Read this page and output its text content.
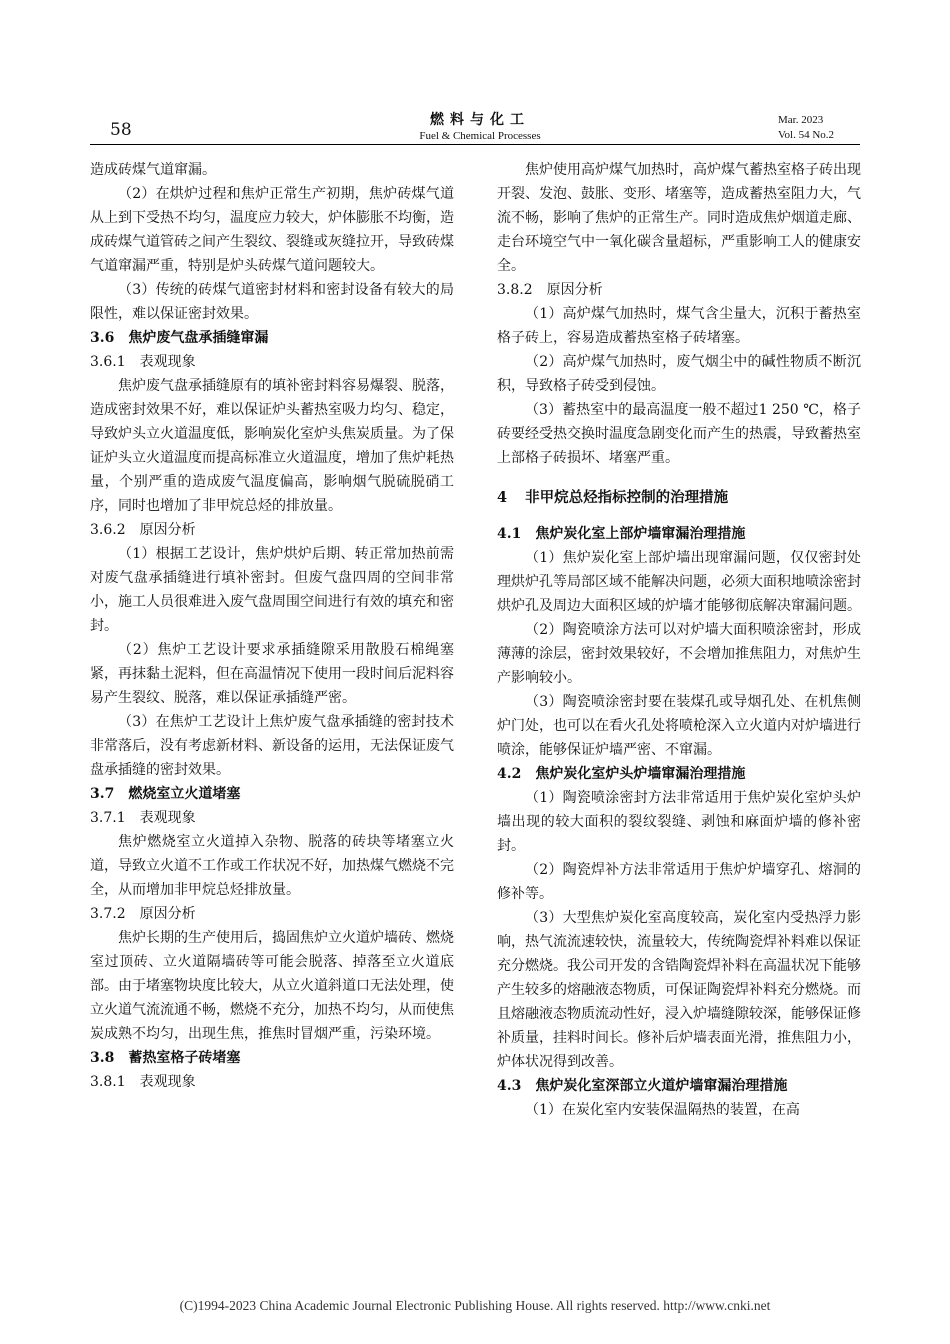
58	燃料与化工
Fuel & Chemical Processes
Mar. 2023
Vol. 54 No.2
造成砖煤气道窜漏。
（2）在烘炉过程和焦炉正常生产初期，焦炉砖煤气道从上到下受热不均匀，温度应力较大，炉体膨胀不均衡，造成砖煤气道管砖之间产生裂纹、裂缝或灰缝拉开，导致砖煤气道窜漏严重，特别是炉头砖煤气道问题较大。
（3）传统的砖煤气道密封材料和密封设备有较大的局限性，难以保证密封效果。
3.6 焦炉废气盘承插缝窜漏
3.6.1 表观现象
焦炉废气盘承插缝原有的填补密封料容易爆裂、脱落，造成密封效果不好，难以保证炉头蓄热室吸力均匀、稳定，导致炉头立火道温度低，影响炭化室炉头焦炭质量。为了保证炉头立火道温度而提高标准立火道温度，增加了焦炉耗热量，个别严重的造成废气温度偏高，影响烟气脱硫脱硝工序，同时也增加了非甲烷总烃的排放量。
3.6.2 原因分析
（1）根据工艺设计，焦炉烘炉后期、转正常加热前需对废气盘承插缝进行填补密封。但废气盘四周的空间非常小，施工人员很难进入废气盘周围空间进行有效的填充和密封。
（2）焦炉工艺设计要求承插缝隙采用散股石棉绳塞紧，再抹黏土泥料，但在高温情况下使用一段时间后泥料容易产生裂纹、脱落，难以保证承插缝严密。
（3）在焦炉工艺设计上焦炉废气盘承插缝的密封技术非常落后，没有考虑新材料、新设备的运用，无法保证废气盘承插缝的密封效果。
3.7 燃烧室立火道堵塞
3.7.1 表观现象
焦炉燃烧室立火道掉入杂物、脱落的砖块等堵塞立火道，导致立火道不工作或工作状况不好，加热煤气燃烧不完全，从而增加非甲烷总烃排放量。
3.7.2 原因分析
焦炉长期的生产使用后，捣固焦炉立火道炉墙砖、燃烧室过顶砖、立火道隔墙砖等可能会脱落、掉落至立火道底部。由于堵塞物块度比较大，从立火道斜道口无法处理，使立火道气流流通不畅，燃烧不充分，加热不均匀，从而使焦炭成熟不均匀，出现生焦，推焦时冒烟严重，污染环境。
3.8 蓄热室格子砖堵塞
3.8.1 表观现象
焦炉使用高炉煤气加热时，高炉煤气蓄热室格子砖出现开裂、发泡、鼓胀、变形、堵塞等，造成蓄热室阻力大，气流不畅，影响了焦炉的正常生产。同时造成焦炉烟道走廊、走台环境空气中一氧化碳含量超标，严重影响工人的健康安全。
3.8.2 原因分析
（1）高炉煤气加热时，煤气含尘量大，沉积于蓄热室格子砖上，容易造成蓄热室格子砖堵塞。
（2）高炉煤气加热时，废气烟尘中的碱性物质不断沉积，导致格子砖受到侵蚀。
（3）蓄热室中的最高温度一般不超过1 250 ℃，格子砖要经受热交换时温度急剧变化而产生的热震，导致蓄热室上部格子砖损坏、堵塞严重。
4 非甲烷总烃指标控制的治理措施
4.1 焦炉炭化室上部炉墙窜漏治理措施
（1）焦炉炭化室上部炉墙出现窜漏问题，仅仅密封处理烘炉孔等局部区域不能解决问题，必须大面积地喷涂密封烘炉孔及周边大面积区域的炉墙才能够彻底解决窜漏问题。
（2）陶瓷喷涂方法可以对炉墙大面积喷涂密封，形成薄薄的涂层，密封效果较好，不会增加推焦阻力，对焦炉生产影响较小。
（3）陶瓷喷涂密封要在装煤孔或导烟孔处、在机焦侧炉门处，也可以在看火孔处将喷枪深入立火道内对炉墙进行喷涂，能够保证炉墙严密、不窜漏。
4.2 焦炉炭化室炉头炉墙窜漏治理措施
（1）陶瓷喷涂密封方法非常适用于焦炉炭化室炉头炉墙出现的较大面积的裂纹裂缝、剥蚀和麻面炉墙的修补密封。
（2）陶瓷焊补方法非常适用于焦炉炉墙穿孔、熔洞的修补等。
（3）大型焦炉炭化室高度较高，炭化室内受热浮力影响，热气流流速较快，流量较大，传统陶瓷焊补料难以保证充分燃烧。我公司开发的含锆陶瓷焊补料在高温状况下能够产生较多的熔融液态物质，可保证陶瓷焊补料充分燃烧。而且熔融液态物质流动性好，浸入炉墙缝隙较深，能够保证修补质量，挂料时间长。修补后炉墙表面光滑，推焦阻力小，炉体状况得到改善。
4.3 焦炉炭化室深部立火道炉墙窜漏治理措施
（1）在炭化室内安装保温隔热的装置，在高
(C)1994-2023 China Academic Journal Electronic Publishing House. All rights reserved. http://www.cnki.net
